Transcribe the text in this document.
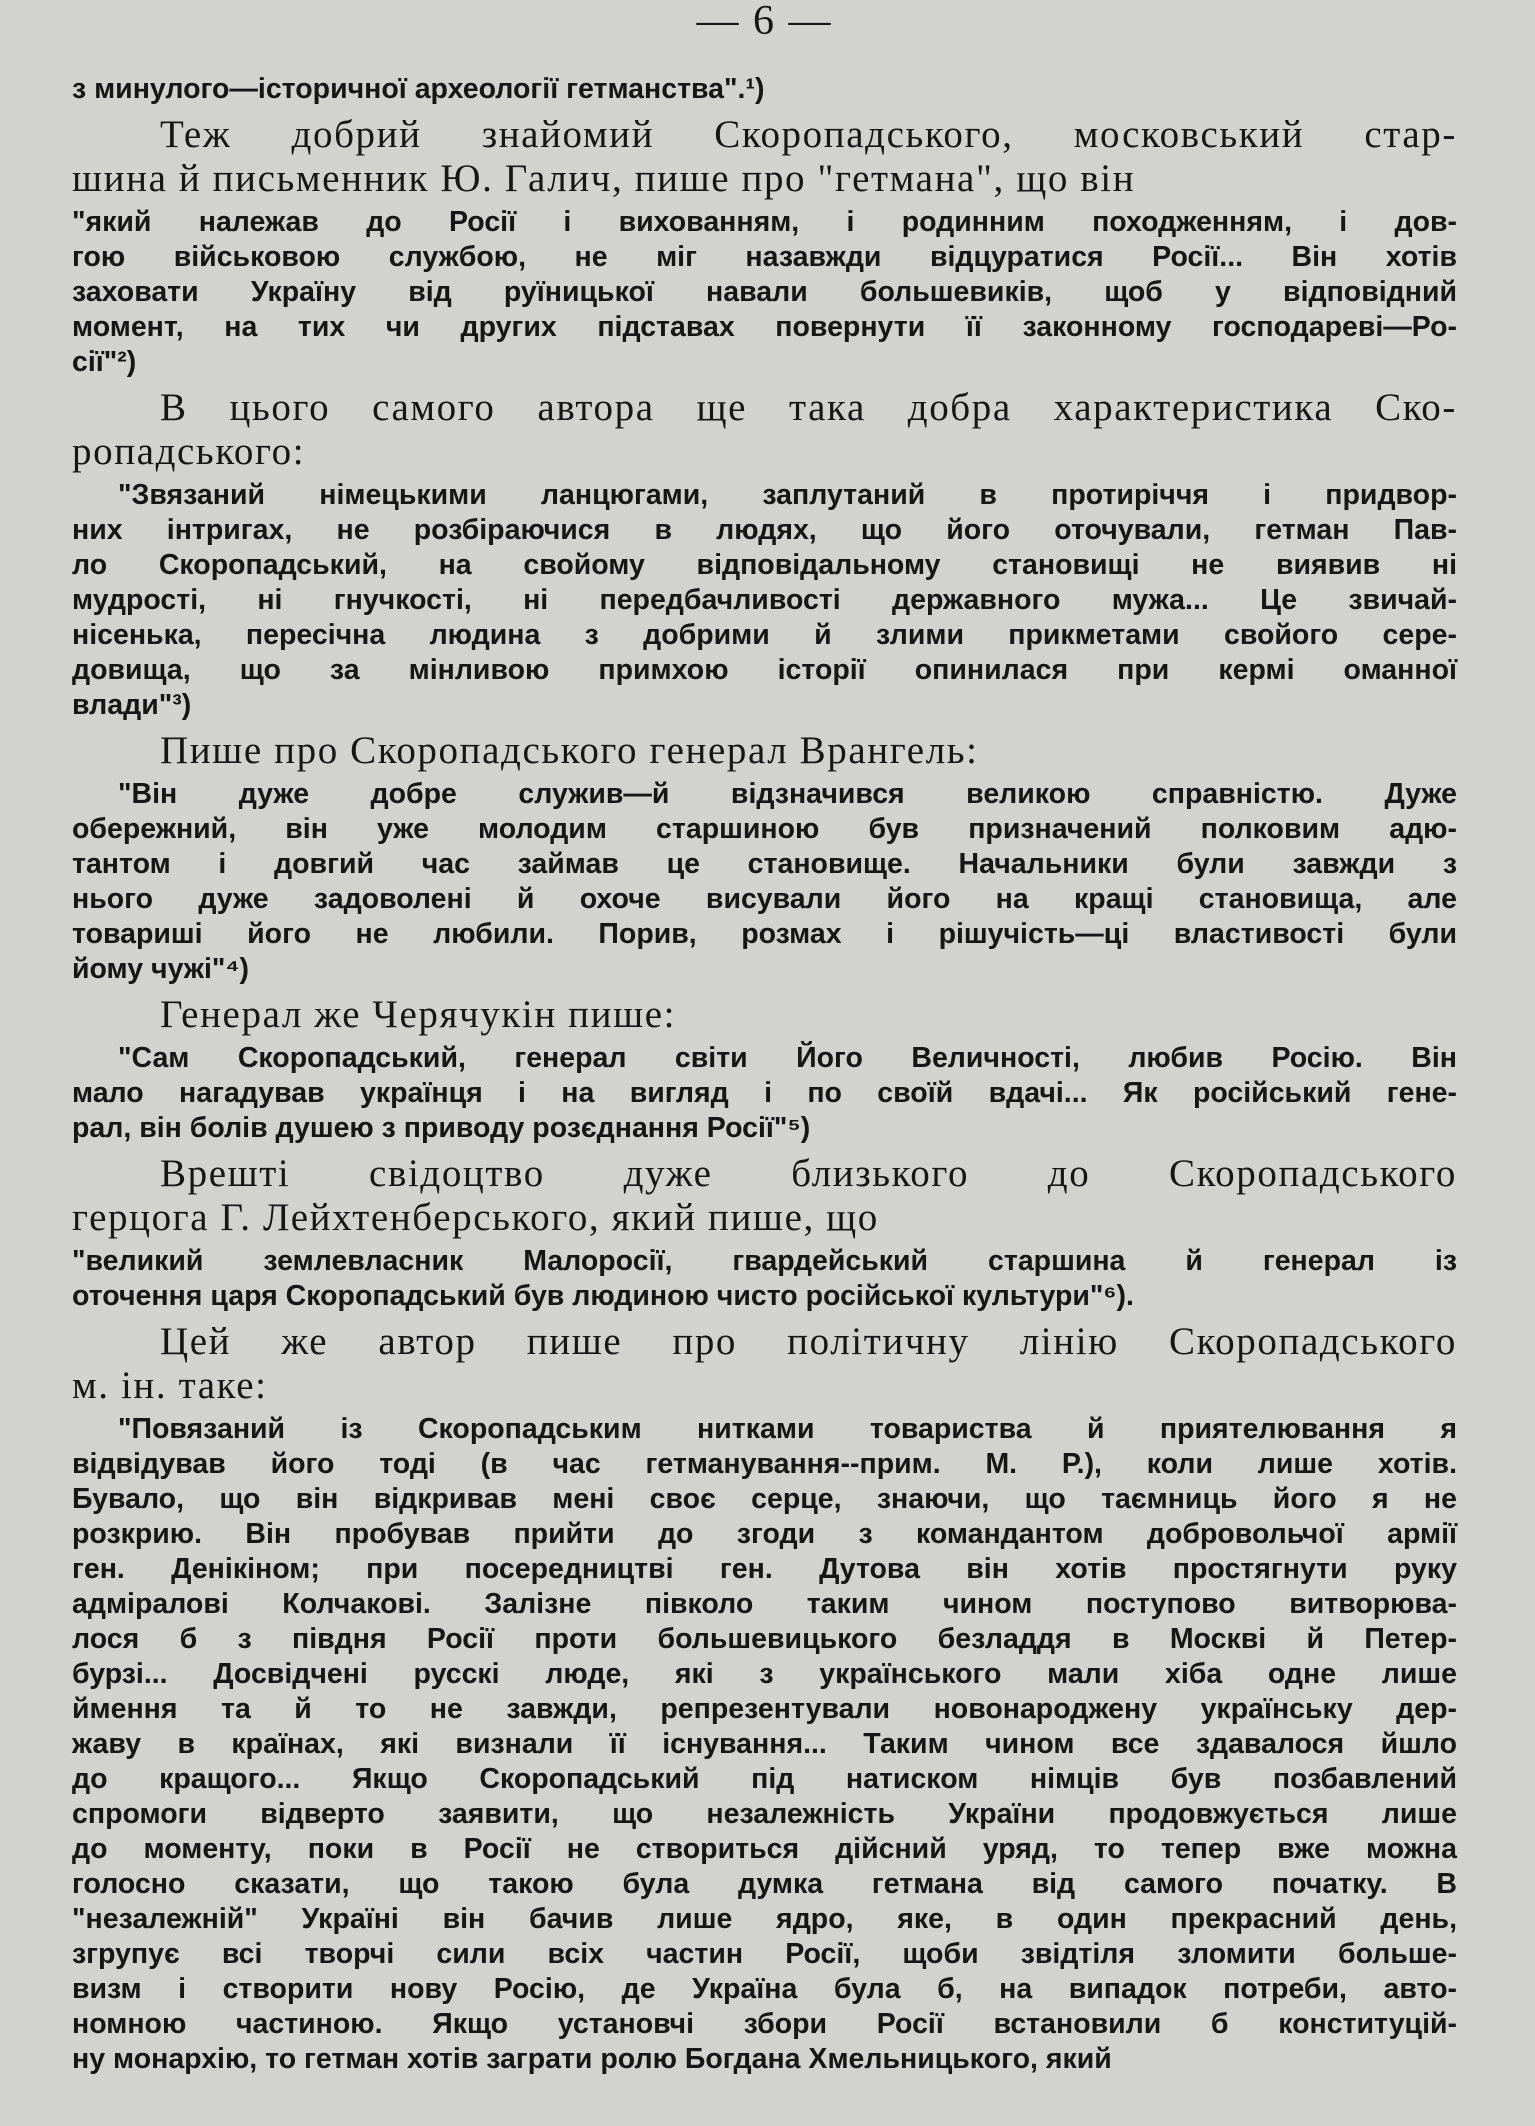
— 6 —
з минулого—історичної археології гетманства".¹)
Теж добрий знайомий Скоропадського, московський стар-
шина й письменник Ю. Галич, пише про "гетмана", що він
"який належав до Росії і вихованням, і родинним походженням, і дов-
гою військовою службою, не міг назавжди відцуратися Росії... Він хотів
заховати Україну від руїницької навали большевиків, щоб у відповідний
момент, на тих чи других підставах повернути її законному господареві—Ро-
сії"²)
В цього самого автора ще така добра характеристика Ско-
ропадського:
"Звязаний німецькими ланцюгами, заплутаний в протиріччя і придвор-
них інтригах, не розбіраючися в людях, що його оточували, гетман Пав-
ло Скоропадський, на свойому відповідальному становищі не виявив ні
мудрості, ні гнучкості, ні передбачливості державного мужа... Це звичай-
нісенька, пересічна людина з добрими й злими прикметами свойого сере-
довища, що за мінливою примхою історії опинилася при кермі оманної
влади"³)
Пише про Скоропадського генерал Врангель:
"Він дуже добре служив—й відзначився великою справністю. Дуже
обережний, він уже молодим старшиною був призначений полковим адю-
тантом і довгий час займав це становище. Начальники були завжди з
нього дуже задоволені й охоче висували його на кращі становища, але
товариші його не любили. Порив, розмах і рішучість—ці властивості були
йому чужі"⁴)
Генерал же Черячукін пише:
"Сам Скоропадський, генерал світи Його Величності, любив Росію. Він
мало нагадував українця і на вигляд і по своїй вдачі... Як російський гене-
рал, він болів душею з приводу розєднання Росії"⁵)
Врешті свідоцтво дуже близького до Скоропадського
герцога Г. Лейхтенберського, який пише, що
"великий землевласник Малоросії, гвардейський старшина й генерал із
оточення царя Скоропадський був людиною чисто російської культури"⁶).
Цей же автор пише про політичну лінію Скоропадського
м. ін. таке:
"Повязаний із Скоропадським нитками товариства й приятелювання я
відвідував його тоді (в час гетманування--прим. М. Р.), коли лише хотів.
Бувало, що він відкривав мені своє серце, знаючи, що таємниць його я не
розкрию. Він пробував прийти до згоди з командантом добровольчої армії
ген. Денікіном; при посередництві ген. Дутова він хотів простягнути руку
адміралові Колчакові. Залізне півколо таким чином поступово витворюва-
лося б з півдня Росії проти большевицького безладдя в Москві й Петер-
бурзі... Досвідчені русскі люде, які з українського мали хіба одне лише
ймення та й то не завжди, репрезентували новонароджену українську дер-
жаву в країнах, які визнали її існування... Таким чином все здавалося йшло
до кращого... Якщо Скоропадський під натиском німців був позбавлений
спромоги відверто заявити, що незалежність України продовжується лише
до моменту, поки в Росії не створиться дійсний уряд, то тепер вже можна
голосно сказати, що такою була думка гетмана від самого початку. В
"незалежній" Україні він бачив лише ядро, яке, в один прекрасний день,
згрупує всі творчі сили всіх частин Росії, щоби звідтіля зломити больше-
визм і створити нову Росію, де Україна була б, на випадок потреби, авто-
номною частиною. Якщо установчі збори Росії встановили б конституцій-
ну монархію, то гетман хотів заграти ролю Богдана Хмельницького, який
